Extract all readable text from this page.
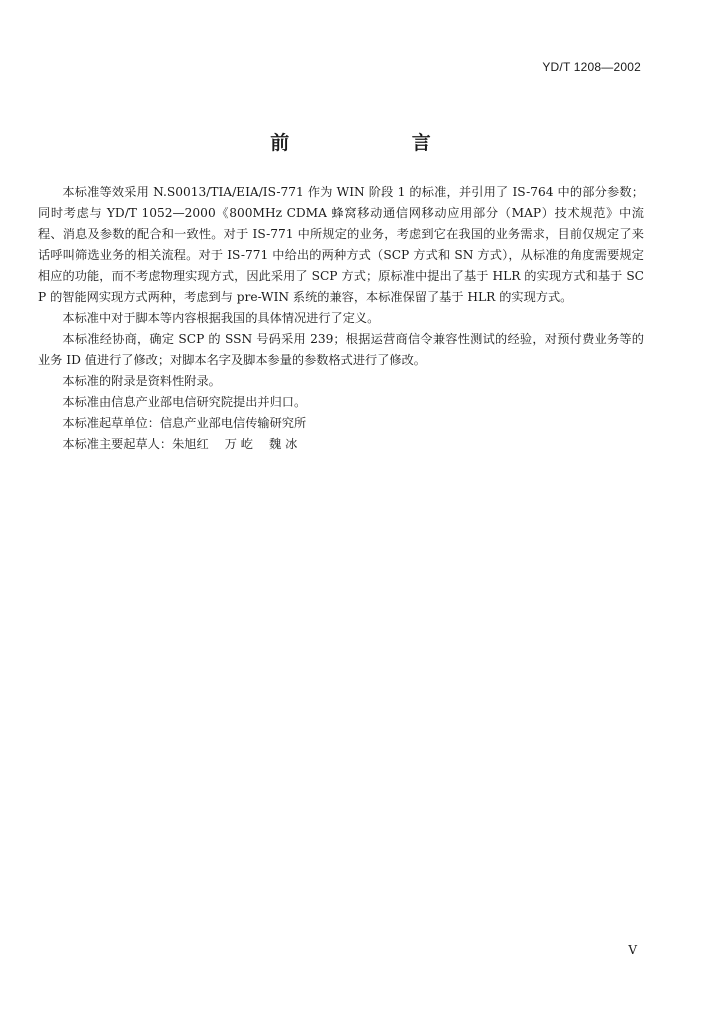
YD/T 1208—2002
前 言

本标准等效采用 N.S0013/TIA/EIA/IS-771 作为 WIN 阶段 1 的标准，并引用了 IS-764 中的部分参数；同时考虑与 YD/T 1052—2000《800MHz CDMA 蜂窝移动通信网移动应用部分（MAP）技术规范》中流程、消息及参数的配合和一致性。对于 IS-771 中所规定的业务，考虑到它在我国的业务需求，目前仅规定了来话呼叫筛选业务的相关流程。对于 IS-771 中给出的两种方式（SCP 方式和 SN 方式），从标准的角度需要规定相应的功能，而不考虑物理实现方式，因此采用了 SCP 方式；原标准中提出了基于 HLR 的实现方式和基于 SCP 的智能网实现方式两种，考虑到与 pre-WIN 系统的兼容，本标准保留了基于 HLR 的实现方式。

本标准中对于脚本等内容根据我国的具体情况进行了定义。

本标准经协商，确定 SCP 的 SSN 号码采用 239；根据运营商信令兼容性测试的经验，对预付费业务等的业务 ID 值进行了修改；对脚本名字及脚本参量的参数格式进行了修改。

本标准的附录是资料性附录。

本标准由信息产业部电信研究院提出并归口。

本标准起草单位：信息产业部电信传输研究所

本标准主要起草人：朱旭红　 万 屹　 魏 冰

V
